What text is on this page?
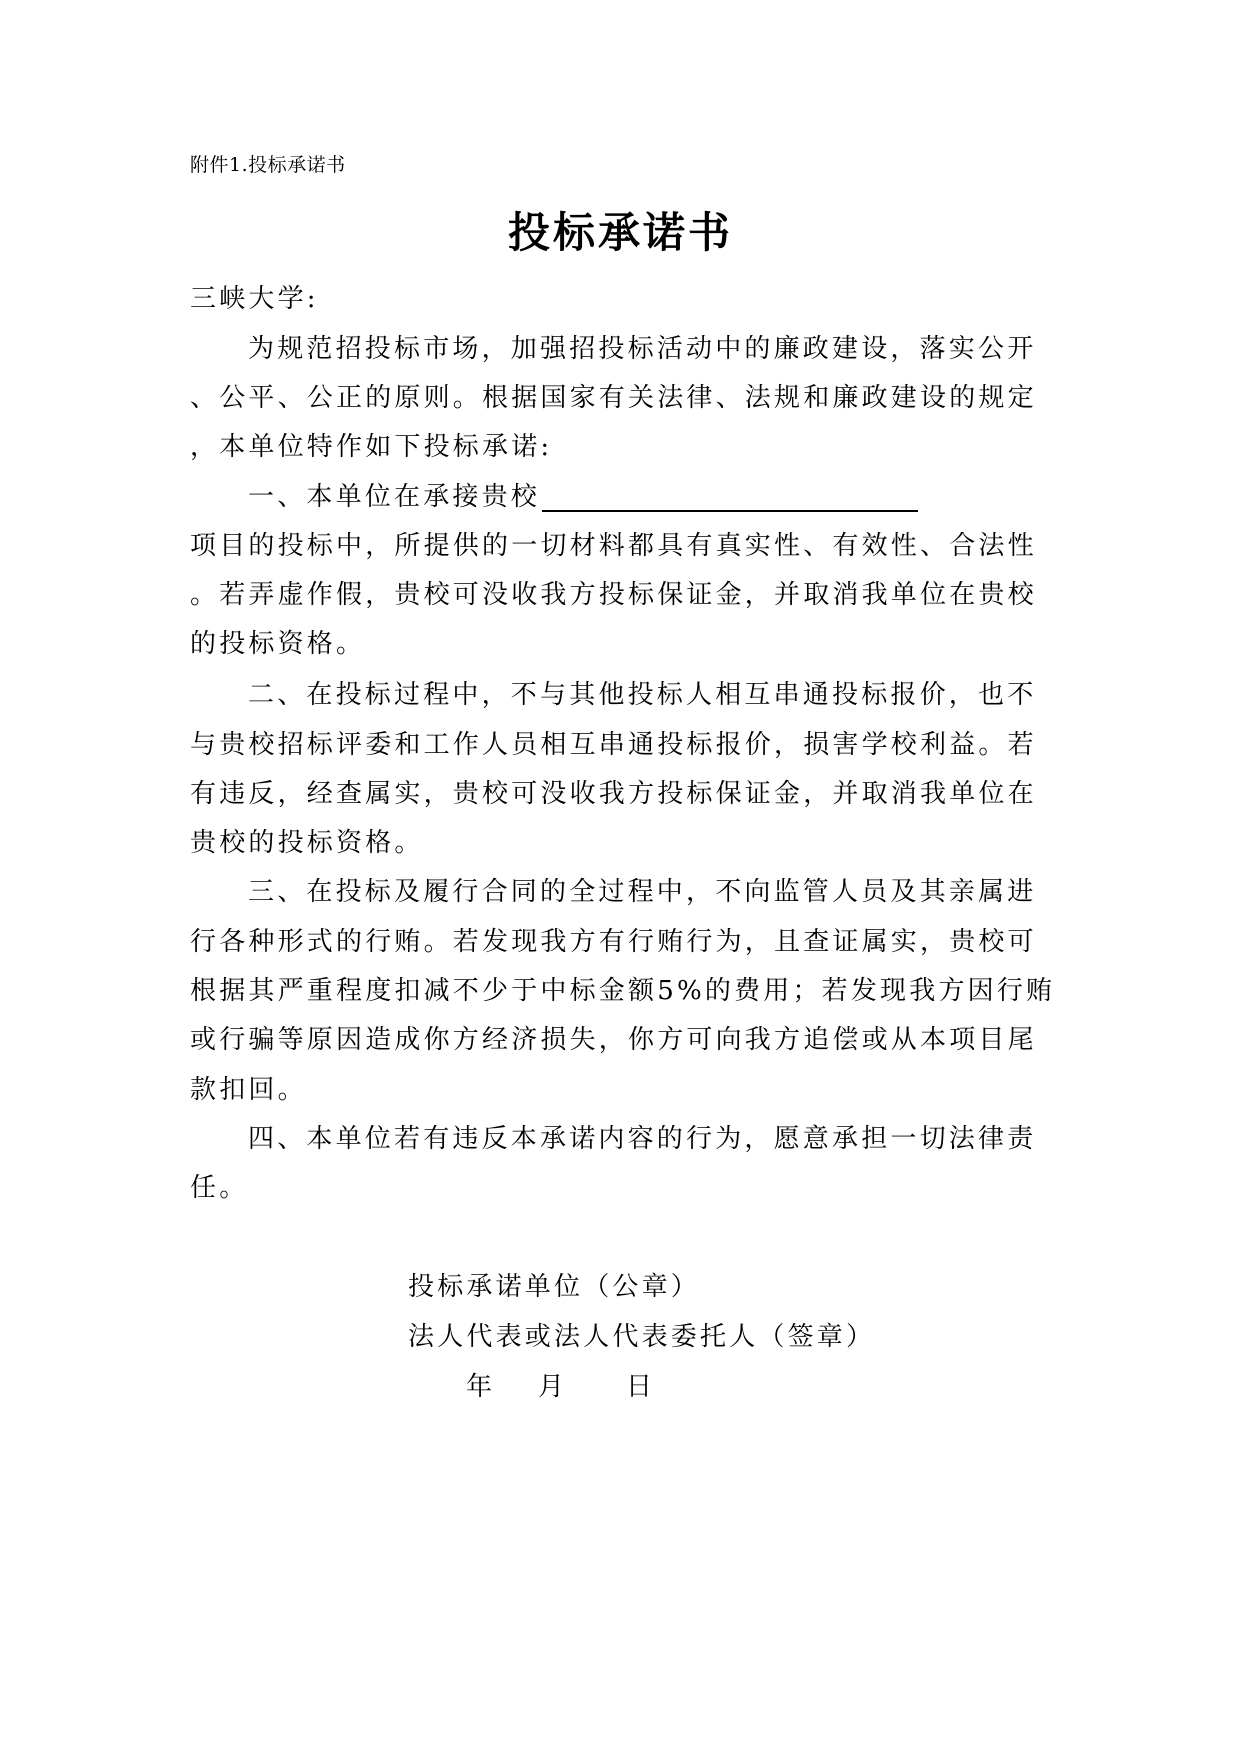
附件1.投标承诺书
投标承诺书
三峡大学:
为规范招投标市场，加强招投标活动中的廉政建设，落实公开
、公平、公正的原则。根据国家有关法律、法规和廉政建设的规定
，本单位特作如下投标承诺:
一、本单位在承接贵校
项目的投标中，所提供的一切材料都具有真实性、有效性、合法性
。若弄虚作假，贵校可没收我方投标保证金，并取消我单位在贵校
的投标资格。
二、在投标过程中，不与其他投标人相互串通投标报价，也不
与贵校招标评委和工作人员相互串通投标报价，损害学校利益。若
有违反，经查属实，贵校可没收我方投标保证金，并取消我单位在
贵校的投标资格。
三、在投标及履行合同的全过程中，不向监管人员及其亲属进
行各种形式的行贿。若发现我方有行贿行为，且查证属实，贵校可
根据其严重程度扣减不少于中标金额5%的费用；若发现我方因行贿
或行骗等原因造成你方经济损失，你方可向我方追偿或从本项目尾
款扣回。
四、本单位若有违反本承诺内容的行为，愿意承担一切法律责
任。
投标承诺单位（公章）
法人代表或法人代表委托人（签章）
年 月 日
